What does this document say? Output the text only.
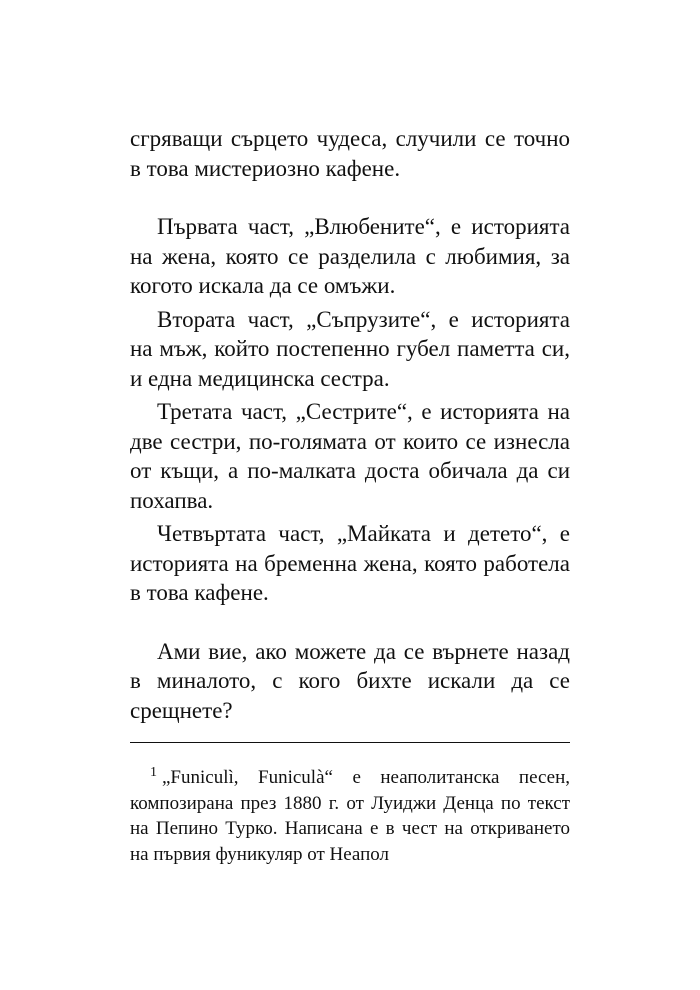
сгряващи сърцето чудеса, случили се точно в това мистериозно кафене.

Първата част, „Влюбените“, е историята на жена, която се разделила с любимия, за когото искала да се омъжи.

Втората част, „Съпрузите“, е историята на мъж, който постепенно губел паметта си, и една медицинска сестра.

Третата част, „Сестрите“, е историята на две сестри, по-голямата от които се изнесла от къщи, а по-малката доста обичала да си похапва.

Четвъртата част, „Майката и детето“, е историята на бременна жена, която работела в това кафене.

Ами вие, ако можете да се върнете назад в миналото, с кого бихте искали да се срещнете?

$^1$ „Funiculì, Funiculà“ е неаполитанска песен, композирана през 1880 г. от Луиджи Денца по текст на Пепино Турко. Написана е в чест на откриването на първия фуникуляр от Неапол
